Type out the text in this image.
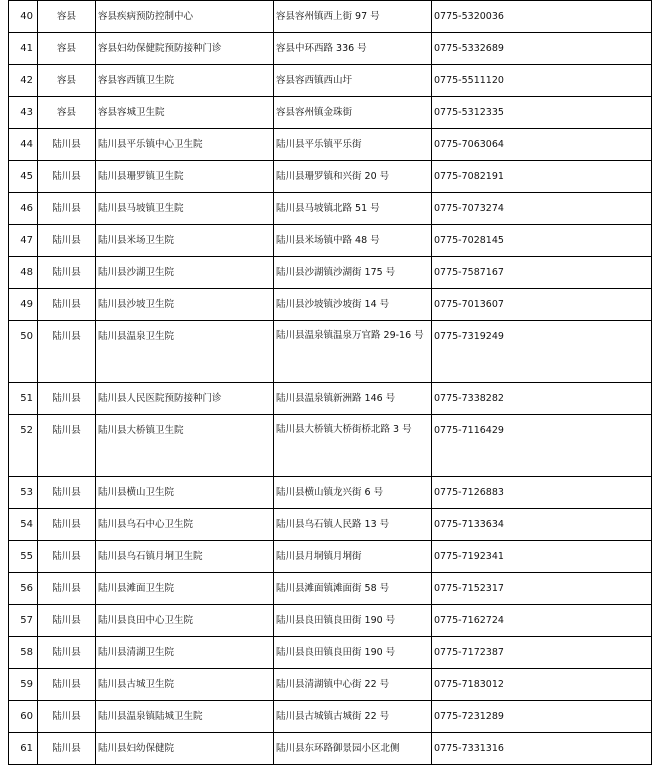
40	容县	容县疾病预防控制中心	容县容州镇西上街 97 号	0775-5320036
41	容县	容县妇幼保健院预防接种门诊	容县中环西路 336 号	0775-5332689
42	容县	容县容西镇卫生院	容县容西镇西山圩	0775-5511120
43	容县	容县容城卫生院	容县容州镇金珠街	0775-5312335
44	陆川县	陆川县平乐镇中心卫生院	陆川县平乐镇平乐街	0775-7063064
45	陆川县	陆川县珊罗镇卫生院	陆川县珊罗镇和兴街 20 号	0775-7082191
46	陆川县	陆川县马坡镇卫生院	陆川县马坡镇北路 51 号	0775-7073274
47	陆川县	陆川县米场卫生院	陆川县米场镇中路 48 号	0775-7028145
48	陆川县	陆川县沙湖卫生院	陆川县沙湖镇沙湖街 175 号	0775-7587167
49	陆川县	陆川县沙坡卫生院	陆川县沙坡镇沙坡街 14 号	0775-7013607
50	陆川县	陆川县温泉卫生院	陆川县温泉镇温泉万官路 29-16 号	0775-7319249
51	陆川县	陆川县人民医院预防接种门诊	陆川县温泉镇新洲路 146 号	0775-7338282
52	陆川县	陆川县大桥镇卫生院	陆川县大桥镇大桥街桥北路 3 号	0775-7116429
53	陆川县	陆川县横山卫生院	陆川县横山镇龙兴街 6 号	0775-7126883
54	陆川县	陆川县乌石中心卫生院	陆川县乌石镇人民路 13 号	0775-7133634
55	陆川县	陆川县乌石镇月垌卫生院	陆川县月垌镇月垌街	0775-7192341
56	陆川县	陆川县滩面卫生院	陆川县滩面镇滩面街 58 号	0775-7152317
57	陆川县	陆川县良田中心卫生院	陆川县良田镇良田街 190 号	0775-7162724
58	陆川县	陆川县清湖卫生院	陆川县良田镇良田街 190 号	0775-7172387
59	陆川县	陆川县古城卫生院	陆川县清湖镇中心街 22 号	0775-7183012
60	陆川县	陆川县温泉镇陆城卫生院	陆川县古城镇古城街 22 号	0775-7231289
61	陆川县	陆川县妇幼保健院	陆川县东环路御景园小区北侧	0775-7331316
